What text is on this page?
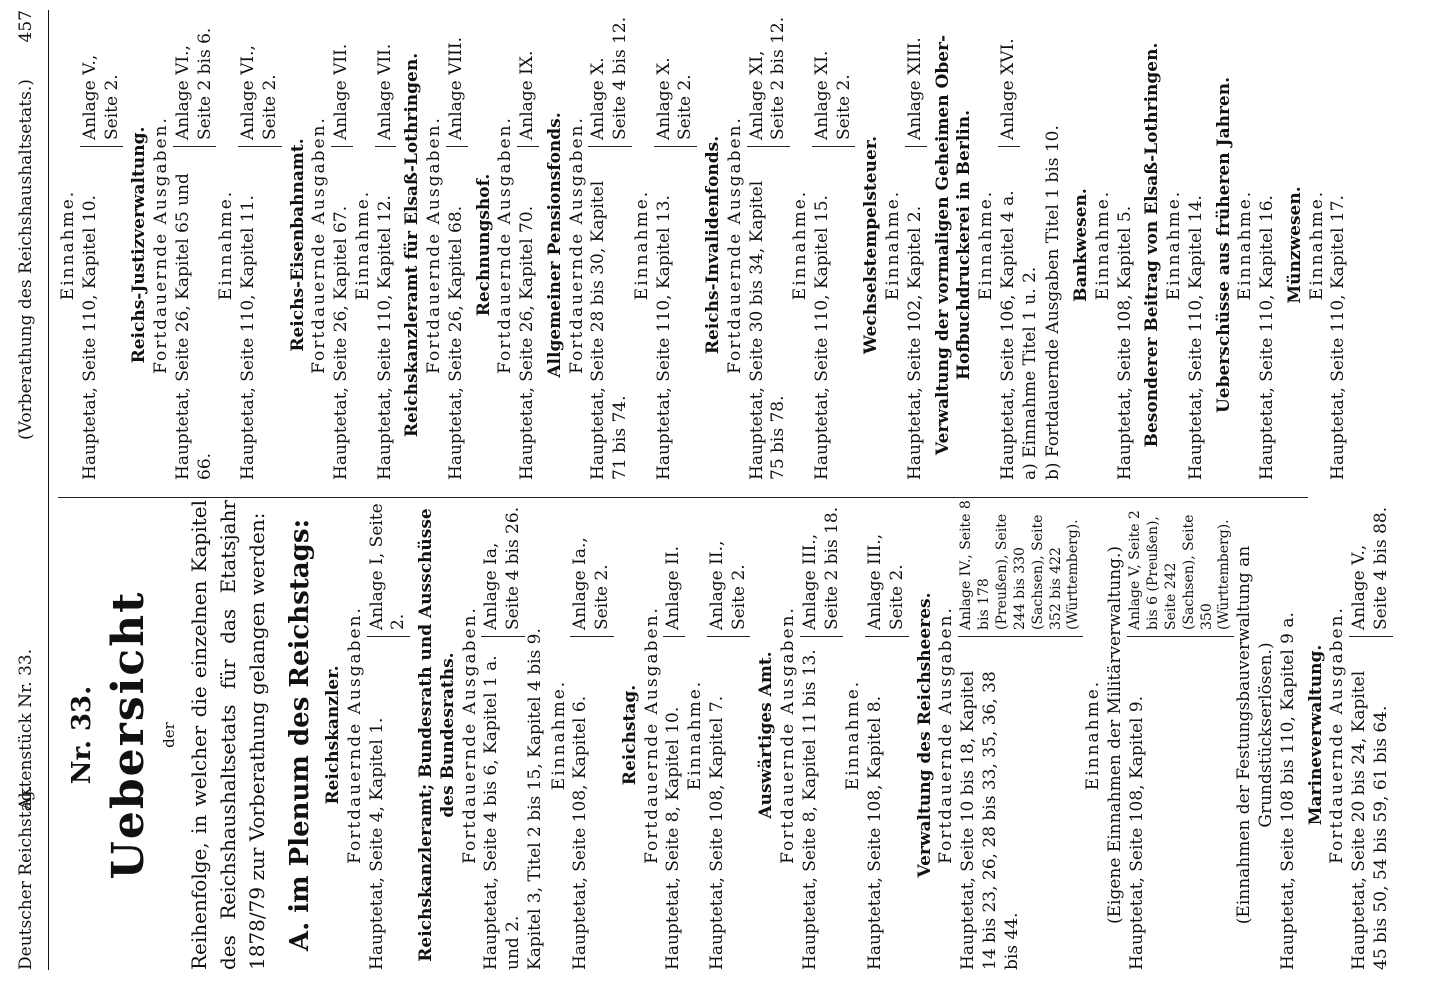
Deutscher Reichstag.
Aktenstück Nr. 33.
(Vorberathung des Reichshaushaltsetats.)
457
Nr. 33. Uebersicht der Reihenfolge, in welcher die einzelnen Kapitel des Reichshaushaltsetats für das Etatsjahr 1878/79 zur Vorberathung gelangen werden: A. im Plenum des Reichstags: Reichskanzler. Fortdauernde Ausgaben. Hauptetat, Seite 4, Kapitel 1.
Anlage I, Seite 2. Reichskanzleramt; Bundesrath und Ausschüsse des Bundesraths. Fortdauernde Ausgaben. Hauptetat, Seite 4 bis 6, Kapitel 1 a. und 2.
Anlage Ia, Seite 4 bis 26.
Kapitel 3, Titel 2 bis 15, Kapitel 4 bis 9. Einnahme. Hauptetat, Seite 108, Kapitel 6.
Anlage Ia., Seite 2.
Reichstag. Fortdauernde Ausgaben. Hauptetat, Seite 8, Kapitel 10.
Anlage II.
Einnahme. Hauptetat, Seite 108, Kapitel 7.
Anlage II., Seite 2.
Auswärtiges Amt. Fortdauernde Ausgaben. Hauptetat, Seite 8, Kapitel 11 bis 13.
Anlage III., Seite 2 bis 18.
Einnahme. Hauptetat, Seite 108, Kapitel 8.
Anlage III., Seite 2. Verwaltung des Reichsheeres. Fortdauernde Ausgaben. Hauptetat, Seite 10 bis 18, Kapitel 14 bis 23, 26, 28 bis 33, 35, 36, 38 bis 44.
Anlage IV., Seite 8 bis 178 (Preußen), Seite 244 bis 330 (Sachsen), Seite 352 bis 422 (Württemberg).
Einnahme. (Eigene Einnahmen der Militärverwaltung.) Hauptetat, Seite 108, Kapitel 9.
Anlage V, Seite 2 bis 6 (Preußen), Seite 242 (Sachsen), Seite 350 (Württemberg). (Einnahmen der Festungsbauverwaltung an Grundstückserlösen.) Hauptetat, Seite 108 bis 110, Kapitel 9 a. Marineverwaltung. Fortdauernde Ausgaben. Hauptetat, Seite 20 bis 24, Kapitel 45 bis 50, 54 bis 59, 61 bis 64.
Anlage V., Seite 4 bis 88.
Einnahme. Hauptetat, Seite 110, Kapitel 10.
Anlage V., Seite 2.
Reichs-Justizverwaltung. Fortdauernde Ausgaben. Hauptetat, Seite 26, Kapitel 65 und 66.
Anlage VI., Seite 2 bis 6.
Einnahme. Hauptetat, Seite 110, Kapitel 11.
Anlage VI., Seite 2.
Reichs-Eisenbahnamt. Fortdauernde Ausgaben. Hauptetat, Seite 26, Kapitel 67.
Anlage VII.
Einnahme. Hauptetat, Seite 110, Kapitel 12.
Anlage VII. Reichskanzleramt für Elsaß-Lothringen. Fortdauernde Ausgaben. Hauptetat, Seite 26, Kapitel 68.
Anlage VIII.
Rechnungshof. Fortdauernde Ausgaben. Hauptetat, Seite 26, Kapitel 70.
Anlage IX.
Allgemeiner Pensionsfonds. Fortdauernde Ausgaben. Hauptetat, Seite 28 bis 30, Kapitel 71 bis 74.
Anlage X. Seite 4 bis 12.
Einnahme. Hauptetat, Seite 110, Kapitel 13.
Anlage X. Seite 2.
Reichs-Invalidenfonds. Fortdauernde Ausgaben. Hauptetat, Seite 30 bis 34, Kapitel 75 bis 78.
Anlage XI, Seite 2 bis 12.
Einnahme. Hauptetat, Seite 110, Kapitel 15.
Anlage XI. Seite 2.
Wechselstempelsteuer. Einnahme. Hauptetat, Seite 102, Kapitel 2.
Anlage XIII. Verwaltung der vormaligen Geheimen Ober-Hofbuchdruckerei in Berlin. Einnahme. Hauptetat, Seite 106, Kapitel 4 a.
Anlage XVI.
a) Einnahme Titel 1 u. 2. b) Fortdauernde Ausgaben Titel 1 bis 10. Bankwesen. Einnahme. Hauptetat, Seite 108, Kapitel 5. Besonderer Beitrag von Elsaß-Lothringen. Einnahme. Hauptetat, Seite 110, Kapitel 14. Ueberschüsse aus früheren Jahren. Einnahme. Hauptetat, Seite 110, Kapitel 16. Münzwesen. Einnahme. Hauptetat, Seite 110, Kapitel 17.
